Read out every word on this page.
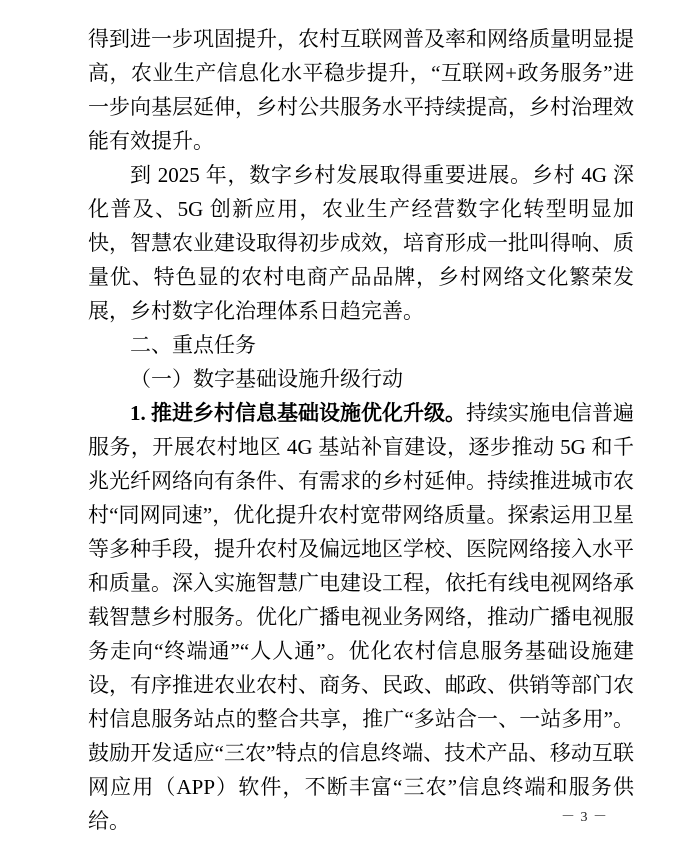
得到进一步巩固提升，农村互联网普及率和网络质量明显提高，农业生产信息化水平稳步提升，“互联网+政务服务”进一步向基层延伸，乡村公共服务水平持续提高，乡村治理效能有效提升。

到 2025 年，数字乡村发展取得重要进展。乡村 4G 深化普及、5G 创新应用，农业生产经营数字化转型明显加快，智慧农业建设取得初步成效，培育形成一批叫得响、质量优、特色显的农村电商产品品牌，乡村网络文化繁荣发展，乡村数字化治理体系日趋完善。

二、重点任务
（一）数字基础设施升级行动

1. 推进乡村信息基础设施优化升级。持续实施电信普遍服务，开展农村地区 4G 基站补盲建设，逐步推动 5G 和千兆光纤网络向有条件、有需求的乡村延伸。持续推进城市农村“同网同速”，优化提升农村宽带网络质量。探索运用卫星等多种手段，提升农村及偏远地区学校、医院网络接入水平和质量。深入实施智慧广电建设工程，依托有线电视网络承载智慧乡村服务。优化广播电视业务网络，推动广播电视服务走向“终端通”“人人通”。优化农村信息服务基础设施建设，有序推进农业农村、商务、民政、邮政、供销等部门农村信息服务站点的整合共享，推广“多站合一、一站多用”。鼓励开发适应“三农”特点的信息终端、技术产品、移动互联网应用（APP）软件，不断丰富“三农”信息终端和服务供给。	－ 3 －
